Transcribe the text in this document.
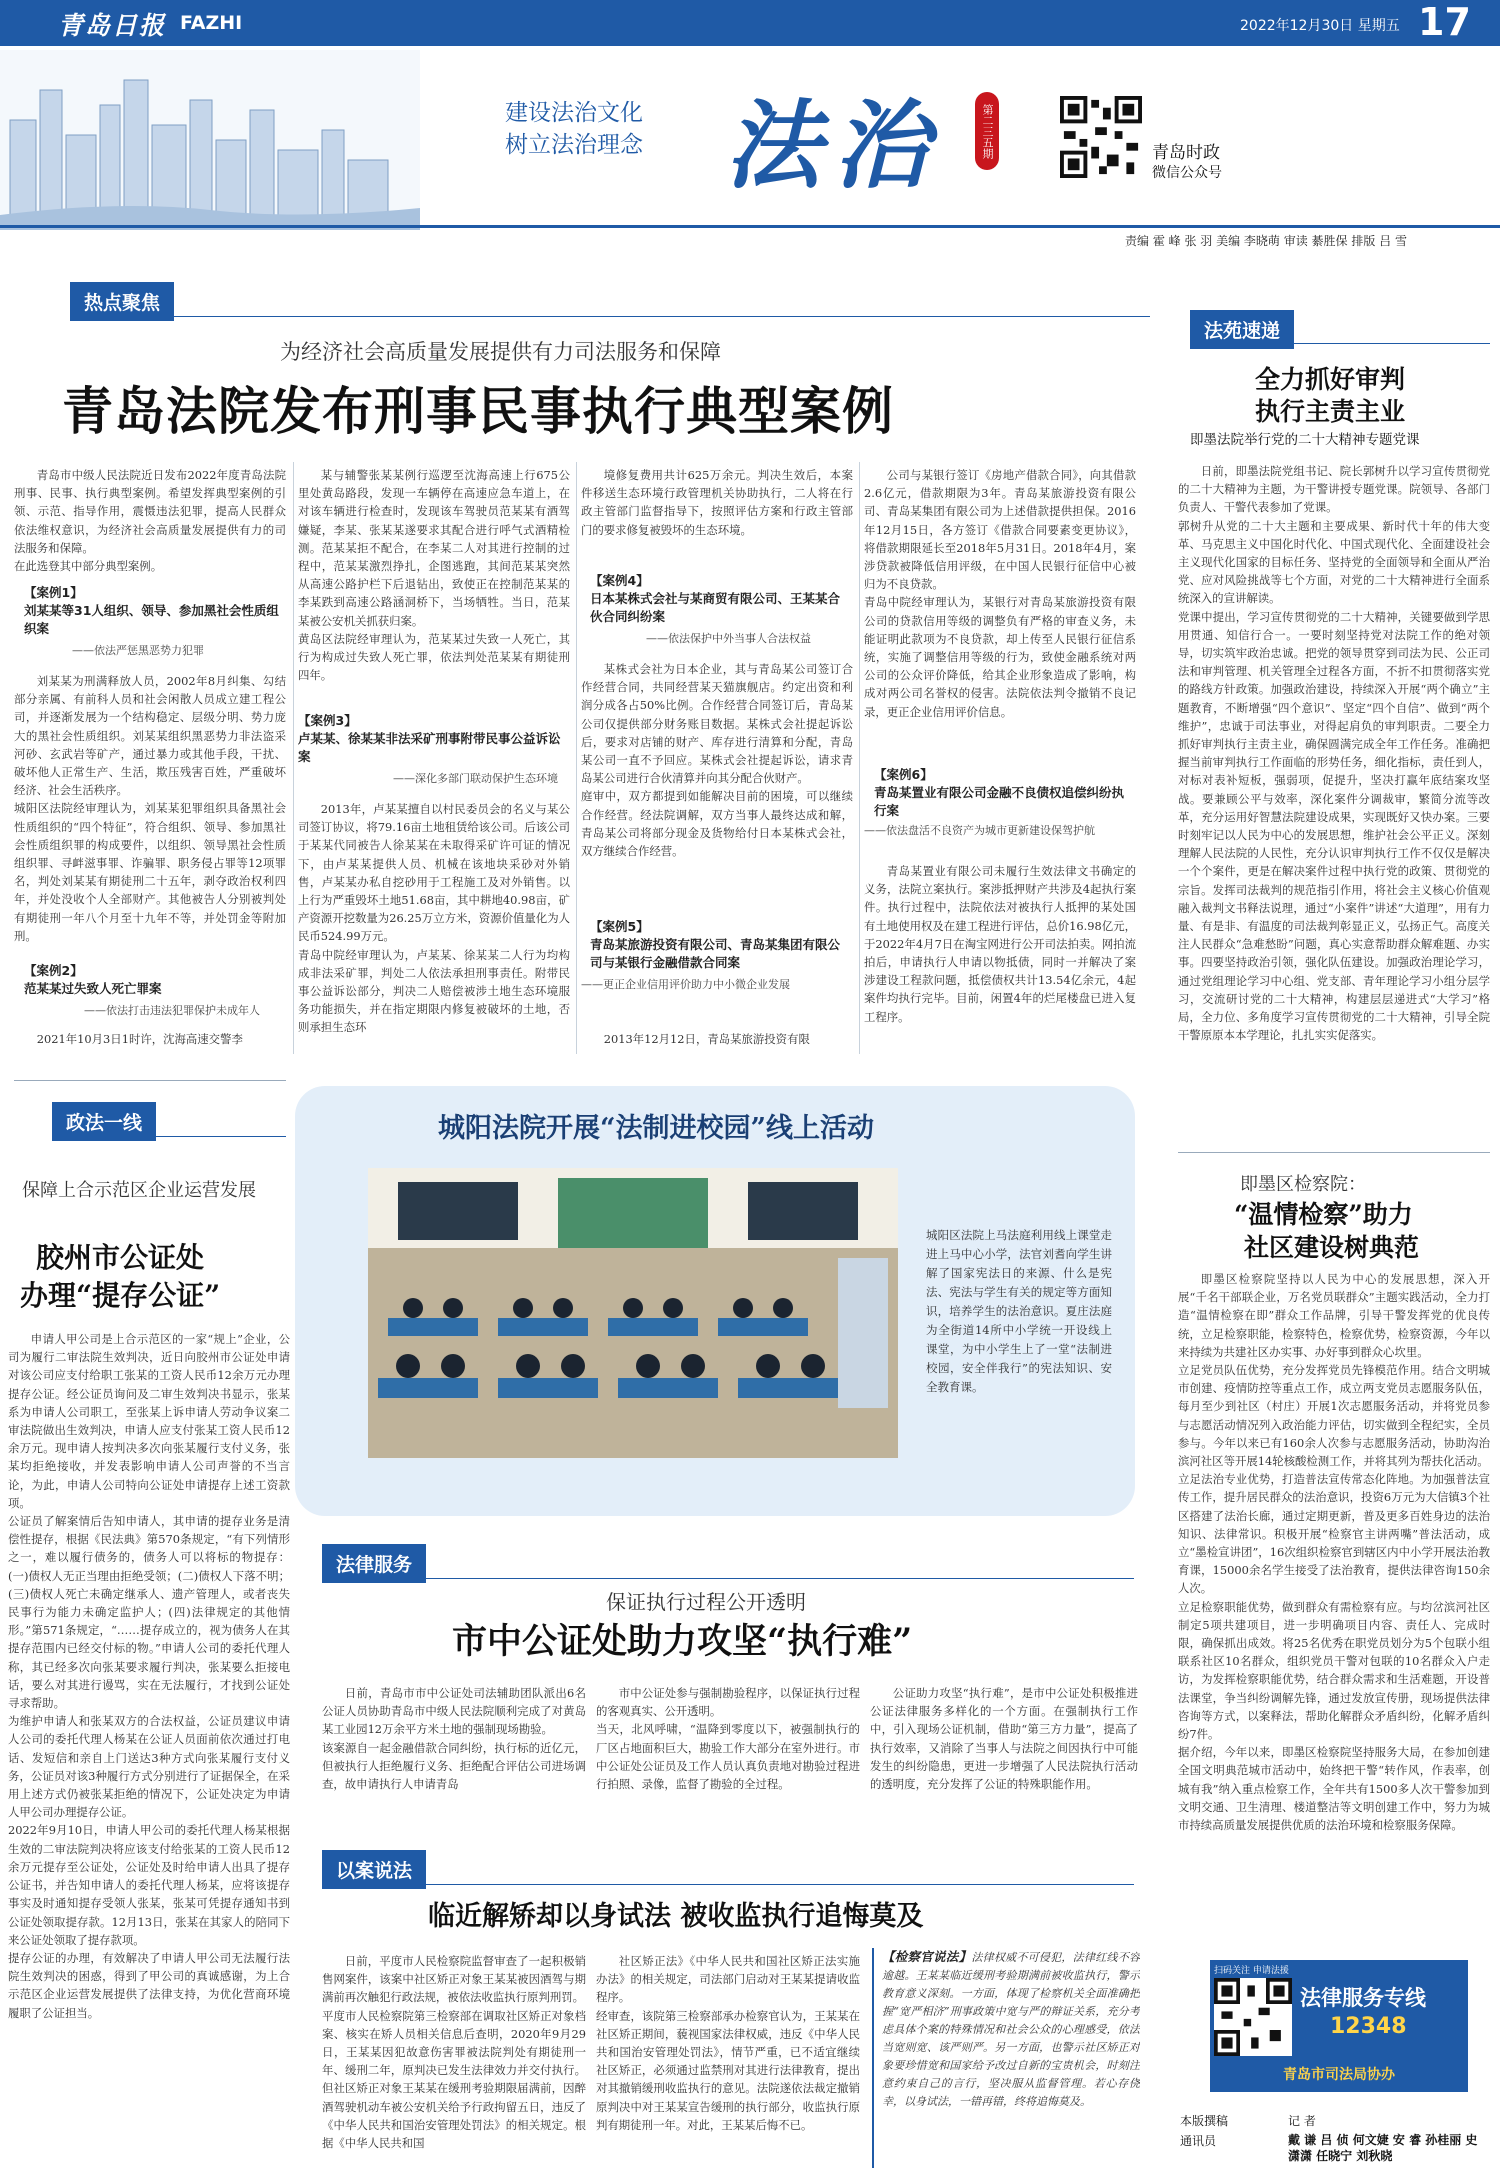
青岛日报 FAZHI	2022年12月30日 星期五 17
建设法治文化
树立法治理念 法治	第二三五期	青岛时政
微信公众号
责编 霍 峰 张 羽 美编 李晓萌 审读 綦胜保 排版 吕 雪
热点聚焦
为经济社会高质量发展提供有力司法服务和保障
青岛法院发布刑事民事执行典型案例

青岛市中级人民法院近日发布2022年度青岛法院刑事、民事、执行典型案例。希望发挥典型案例的引领、示范、指导作用，震慑违法犯罪，提高人民群众依法维权意识，为经济社会高质量发展提供有力的司法服务和保障。
在此选登其中部分典型案例。

【案例1】
刘某某等31人组织、领导、参加黑社会性质组织案
——依法严惩黑恶势力犯罪

刘某某为刑满释放人员，2002年8月纠集、勾结部分亲属、有前科人员和社会闲散人员成立建工程公司，并逐渐发展为一个结构稳定、层级分明、势力庞大的黑社会性质组织。刘某某组织黑恶势力非法盗采河砂、玄武岩等矿产，通过暴力或其他手段，干扰、破坏他人正常生产、生活，欺压残害百姓，严重破坏经济、社会生活秩序。
城阳区法院经审理认为，刘某某犯罪组织具备黑社会性质组织的“四个特征”，符合组织、领导、参加黑社会性质组织罪的构成要件，以组织、领导黑社会性质组织罪、寻衅滋事罪、诈骗罪、职务侵占罪等12项罪名，判处刘某某有期徒刑二十五年，剥夺政治权利四年，并处没收个人全部财产。其他被告人分别被判处有期徒刑一年八个月至十九年不等，并处罚金等附加刑。

【案例2】
范某某过失致人死亡罪案
——依法打击违法犯罪保护未成年人

2021年10月3日1时许，沈海高速交警李

某与辅警张某某例行巡逻至沈海高速上行675公里处黄岛路段，发现一车辆停在高速应急车道上，在对该车辆进行检查时，发现该车驾驶员范某某有酒驾嫌疑，李某、张某某遂要求其配合进行呼气式酒精检测。范某某拒不配合，在李某二人对其进行控制的过程中，范某某激烈挣扎，企图逃跑，其间范某某突然从高速公路护栏下后退钻出，致使正在控制范某某的李某跌到高速公路涵洞桥下，当场牺牲。当日，范某某被公安机关抓获归案。
黄岛区法院经审理认为，范某某过失致一人死亡，其行为构成过失致人死亡罪，依法判处范某某有期徒刑四年。

【案例3】
卢某某、徐某某非法采矿刑事附带民事公益诉讼案
——深化多部门联动保护生态环境

2013年，卢某某擅自以村民委员会的名义与某公司签订协议，将79.16亩土地租赁给该公司。后该公司于某某代同被告人徐某某在未取得采矿许可证的情况下，由卢某某提供人员、机械在该地块采砂对外销售，卢某某办私自挖砂用于工程施工及对外销售。以上行为严重毁坏土地51.68亩，其中耕地40.98亩，矿产资源开挖数量为26.25万立方米，资源价值量化为人民币524.99万元。
青岛中院经审理认为，卢某某、徐某某二人行为均构成非法采矿罪，判处二人依法承担刑事责任。附带民事公益诉讼部分，判决二人赔偿被涉土地生态环境服务功能损失，并在指定期限内修复被破坏的土地，否则承担生态环

境修复费用共计625万余元。判决生效后，本案件移送生态环境行政管理机关协助执行，二人将在行政主管部门监督指导下，按照评估方案和行政主管部门的要求修复被毁坏的生态环境。

【案例4】
日本某株式会社与某商贸有限公司、王某某合伙合同纠纷案
——依法保护中外当事人合法权益

某株式会社为日本企业，其与青岛某公司签订合作经营合同，共同经营某天猫旗舰店。约定出资和利润分成各占50%比例。合作经营合同签订后，青岛某公司仅提供部分财务账目数据。某株式会社提起诉讼后，要求对店铺的财产、库存进行清算和分配，青岛某公司一直不予回应。某株式会社提起诉讼，请求青岛某公司进行合伙清算并向其分配合伙财产。
庭审中，双方都提到如能解决目前的困境，可以继续合作经营。经法院调解，双方当事人最终达成和解，青岛某公司将部分现金及货物给付日本某株式会社，双方继续合作经营。

【案例5】
青岛某旅游投资有限公司、青岛某集团有限公司与某银行金融借款合同案
——更正企业信用评价助力中小微企业发展

2013年12月12日，青岛某旅游投资有限

公司与某银行签订《房地产借款合同》，向其借款2.6亿元，借款期限为3年。青岛某旅游投资有限公司、青岛某集团有限公司为上述借款提供担保。2016年12月15日，各方签订《借款合同要素变更协议》，将借款期限延长至2018年5月31日。2018年4月，案涉贷款被降低信用评级，在中国人民银行征信中心被归为不良贷款。
青岛中院经审理认为，某银行对青岛某旅游投资有限公司的贷款信用等级的调整负有严格的审查义务，未能证明此款项为不良贷款，却上传至人民银行征信系统，实施了调整信用等级的行为，致使金融系统对两公司的公众评价降低，给其企业形象造成了影响，构成对两公司名誉权的侵害。法院依法判令撤销不良记录，更正企业信用评价信息。

【案例6】
青岛某置业有限公司金融不良债权追偿纠纷执行案
——依法盘活不良资产为城市更新建设保驾护航

青岛某置业有限公司未履行生效法律文书确定的义务，法院立案执行。案涉抵押财产共涉及4起执行案件。执行过程中，法院依法对被执行人抵押的某处国有土地使用权及在建工程进行评估，总价16.98亿元，于2022年4月7日在淘宝网进行公开司法拍卖。网拍流拍后，申请执行人申请以物抵债，同时一并解决了案涉建设工程款问题，抵偿债权共计13.54亿余元，4起案件均执行完毕。目前，闲置4年的烂尾楼盘已进入复工程序。

法苑速递
全力抓好审判
执行主责主业
即墨法院举行党的二十大精神专题党课

日前，即墨法院党组书记、院长郭树升以学习宣传贯彻党的二十大精神为主题，为干警讲授专题党课。院领导、各部门负责人、干警代表参加了党课。
郭树升从党的二十大主题和主要成果、新时代十年的伟大变革、马克思主义中国化时代化、中国式现代化、全面建设社会主义现代化国家的目标任务、坚持党的全面领导和全面从严治党、应对风险挑战等七个方面，对党的二十大精神进行全面系统深入的宣讲解读。
党课中提出，学习宣传贯彻党的二十大精神，关键要做到学思用贯通、知信行合一。一要时刻坚持党对法院工作的绝对领导，切实筑牢政治忠诚。把党的领导贯穿到司法为民、公正司法和审判管理、机关管理全过程各方面，不折不扣贯彻落实党的路线方针政策。加强政治建设，持续深入开展“两个确立”主题教育，不断增强“四个意识”、坚定“四个自信”、做到“两个维护”，忠诚于司法事业，对得起肩负的审判职责。二要全力抓好审判执行主责主业，确保圆满完成全年工作任务。准确把握当前审判执行工作面临的形势任务，细化指标，责任到人，对标对表补短板，强弱项，促提升，坚决打赢年底结案攻坚战。要兼顾公平与效率，深化案件分调裁审，繁简分流等改革，充分运用好智慧法院建设成果，实现既好又快办案。三要时刻牢记以人民为中心的发展思想，维护社会公平正义。深刻理解人民法院的人民性，充分认识审判执行工作不仅仅是解决一个个案件，更是在解决案件过程中执行党的政策、贯彻党的宗旨。发挥司法裁判的规范指引作用，将社会主义核心价值观融入裁判文书释法说理，通过“小案件”讲述“大道理”，用有力量、有是非、有温度的司法裁判彰显正义，弘扬正气。高度关注人民群众“急难愁盼”问题，真心实意帮助群众解难题、办实事。四要坚持政治引领，强化队伍建设。加强政治理论学习，通过党组理论学习中心组、党支部、青年理论学习小组分层学习，交流研讨党的二十大精神，构建层层递进式“大学习”格局，全力位、多角度学习宣传贯彻党的二十大精神，引导全院干警原原本本学理论，扎扎实实促落实。

即墨区检察院：
“温情检察”助力
社区建设树典范

即墨区检察院坚持以人民为中心的发展思想，深入开展“千名干部联企业，万名党员联群众”主题实践活动，全力打造“温情检察在即”群众工作品牌，引导干警发挥党的优良传统，立足检察职能，检察特色，检察优势，检察资源，今年以来持续为共建社区办实事、办好事到群众心坎里。
立足党员队伍优势，充分发挥党员先锋模范作用。结合文明城市创建、疫情防控等重点工作，成立两支党员志愿服务队伍，每月至少到社区（村庄）开展1次志愿服务活动，并将党员参与志愿活动情况列入政治能力评估，切实做到全程纪实，全员参与。今年以来已有160余人次参与志愿服务活动，协助沟治滨河社区等开展14轮核酸检测工作，并将其列为帮扶化活动。
立足法治专业优势，打造普法宣传常态化阵地。为加强普法宣传工作，提升居民群众的法治意识，投资6万元为大信镇3个社区搭建了法治长廊，通过定期更新，普及更多百姓身边的法治知识、法律常识。积极开展“检察官主讲两嘴”普法活动，成立“墨检宣讲团”，16次组织检察官到辖区内中小学开展法治教育课，15000余名学生接受了法治教育，提供法律咨询150余人次。
立足检察职能优势，做到群众有需检察有应。与均岔滨河社区制定5项共建项目，进一步明确项目内容、责任人、完成时限，确保抓出成效。将25名优秀在职党员划分为5个包联小组联系社区10名群众，组织党员干警对包联的10名群众入户走访，为发挥检察职能优势，结合群众需求和生活难题，开设普法课堂，争当纠纷调解先锋，通过发放宣传册，现场提供法律咨询等方式，以案释法，帮助化解群众矛盾纠纷，化解矛盾纠纷7件。
据介绍，今年以来，即墨区检察院坚持服务大局，在参加创建全国文明典范城市活动中，始终把干警“转作风，作表率，创城有我”纳入重点检察工作，全年共有1500多人次干警参加到文明交通、卫生清理、楼道整洁等文明创建工作中，努力为城市持续高质量发展提供优质的法治环境和检察服务保障。

政法一线
保障上合示范区企业运营发展
胶州市公证处
办理“提存公证”

申请人甲公司是上合示范区的一家“规上”企业，公司为履行二审法院生效判决，近日向胶州市公证处申请对该公司应支付给职工张某的工资人民币12余万元办理提存公证。经公证员询问及二审生效判决书显示，张某系为申请人公司职工，至张某上诉申请人劳动争议案二审法院做出生效判决，申请人应支付张某工资人民币12余万元。现申请人按判决多次向张某履行支付义务，张某均拒绝接收，并发表影响申请人公司声誉的不当言论，为此，申请人公司特向公证处申请提存上述工资款项。
公证员了解案情后告知申请人，其申请的提存业务是清偿性提存，根据《民法典》第570条规定，“有下列情形之一，难以履行债务的，债务人可以将标的物提存：(一)债权人无正当理由拒绝受领；(二)债权人下落不明；(三)债权人死亡未确定继承人、遗产管理人，或者丧失民事行为能力未确定监护人；(四)法律规定的其他情形。”第571条规定，“……提存成立的，视为债务人在其提存范围内已经交付标的物。”申请人公司的委托代理人称，其已经多次向张某要求履行判决，张某要么拒接电话，要么对其进行谩骂，实在无法履行，才找到公证处寻求帮助。
为维护申请人和张某双方的合法权益，公证员建议申请人公司的委托代理人杨某在公证人员面前依次通过打电话、发短信和亲自上门送达3种方式向张某履行支付义务，公证员对该3种履行方式分别进行了证据保全，在采用上述方式仍被张某拒绝的情况下，公证处决定为申请人甲公司办理提存公证。
2022年9月10日，申请人甲公司的委托代理人杨某根据生效的二审法院判决将应该支付给张某的工资人民币12余万元提存至公证处，公证处及时给申请人出具了提存公证书，并告知申请人的委托代理人杨某，应将该提存事实及时通知提存受领人张某，张某可凭提存通知书到公证处领取提存款。12月13日，张某在其家人的陪同下来公证处领取了提存款项。
提存公证的办理，有效解决了申请人甲公司无法履行法院生效判决的困惑，得到了甲公司的真诚感谢，为上合示范区企业运营发展提供了法律支持，为优化营商环境履职了公证担当。

城阳法院开展“法制进校园”线上活动

城阳区法院上马法庭利用线上课堂走进上马中心小学，法官刘耆向学生讲解了国家宪法日的来源、什么是宪法、宪法与学生有关的规定等方面知识，培养学生的法治意识。夏庄法庭为全街道14所中小学统一开设线上课堂，为中小学生上了一堂“法制进校园，安全伴我行”的宪法知识、安全教育课。

法律服务
保证执行过程公开透明
市中公证处助力攻坚“执行难”

日前，青岛市市中公证处司法辅助团队派出6名公证人员协助青岛市中级人民法院顺利完成了对黄岛某工业园12万余平方米土地的强制现场勘验。
该案源自一起金融借款合同纠纷，执行标的近亿元，但被执行人拒绝履行义务、拒绝配合评估公司进场调查，故申请执行人申请青岛

市中公证处参与强制勘验程序，以保证执行过程的客观真实、公开透明。
当天，北风呼啸，“温降到零度以下，被强制执行的厂区占地面积巨大，勘验工作大部分在室外进行。市中公证处公证员及工作人员认真负责地对勘验过程进行拍照、录像，监督了勘验的全过程。

公证助力攻坚“执行难”，是市中公证处积极推进公证法律服务多样化的一个方面。在强制执行工作中，引入现场公证机制，借助“第三方力量”，提高了执行效率，又消除了当事人与法院之间因执行中可能发生的纠纷隐患，更进一步增强了人民法院执行活动的透明度，充分发挥了公证的特殊职能作用。

以案说法
临近解矫却以身试法 被收监执行追悔莫及

日前，平度市人民检察院监督审查了一起积极销售网案件，该案中社区矫正对象王某某被因酒驾与期满前再次触犯行政法规，被依法收监执行原判刑罚。
平度市人民检察院第三检察部在调取社区矫正对象档案、核实在矫人员相关信息后查明，2020年9月29日，王某某因犯故意伤害罪被法院判处有期徒刑一年、缓刑二年，原判决已发生法律效力并交付执行。但社区矫正对象王某某在缓刑考验期限届满前，因醉酒驾驶机动车被公安机关给予行政拘留五日，违反了《中华人民共和国治安管理处罚法》的相关规定。根据《中华人民共和国

社区矫正法》《中华人民共和国社区矫正法实施办法》的相关规定，司法部门启动对王某某提请收监程序。
经审查，该院第三检察部承办检察官认为，王某某在社区矫正期间，藐视国家法律权威，违反《中华人民共和国治安管理处罚法》，情节严重，已不适宜继续社区矫正，必须通过监禁刑对其进行法律教育，提出对其撤销缓刑收监执行的意见。法院遂依法裁定撤销原判决中对王某某宣告缓刑的执行部分，收监执行原判有期徒刑一年。对此，王某某后悔不已。

【检察官说法】法律权威不可侵犯，法律红线不容逾越。王某某临近缓刑考验期满前被收监执行，警示教育意义深刻。一方面，体现了检察机关全面准确把握“宽严相济”刑事政策中宽与严的辩证关系，充分考虑具体个案的特殊情况和社会公众的心理感受，依法当宽则宽、该严则严。另一方面，也警示社区矫正对象要珍惜宽和国家给予改过自新的宝贵机会，时刻注意约束自己的言行，坚决服从监督管理。若心存侥幸，以身试法，一错再错，终将追悔莫及。
扫码关注 申请法援
法律服务专线
12348
青岛市司法局协办
本版撰稿
通讯员
记 者
戴 谦 吕 侦 何文婕 安 睿 孙桂丽 史潇潇 任晓宁 刘秋晓
